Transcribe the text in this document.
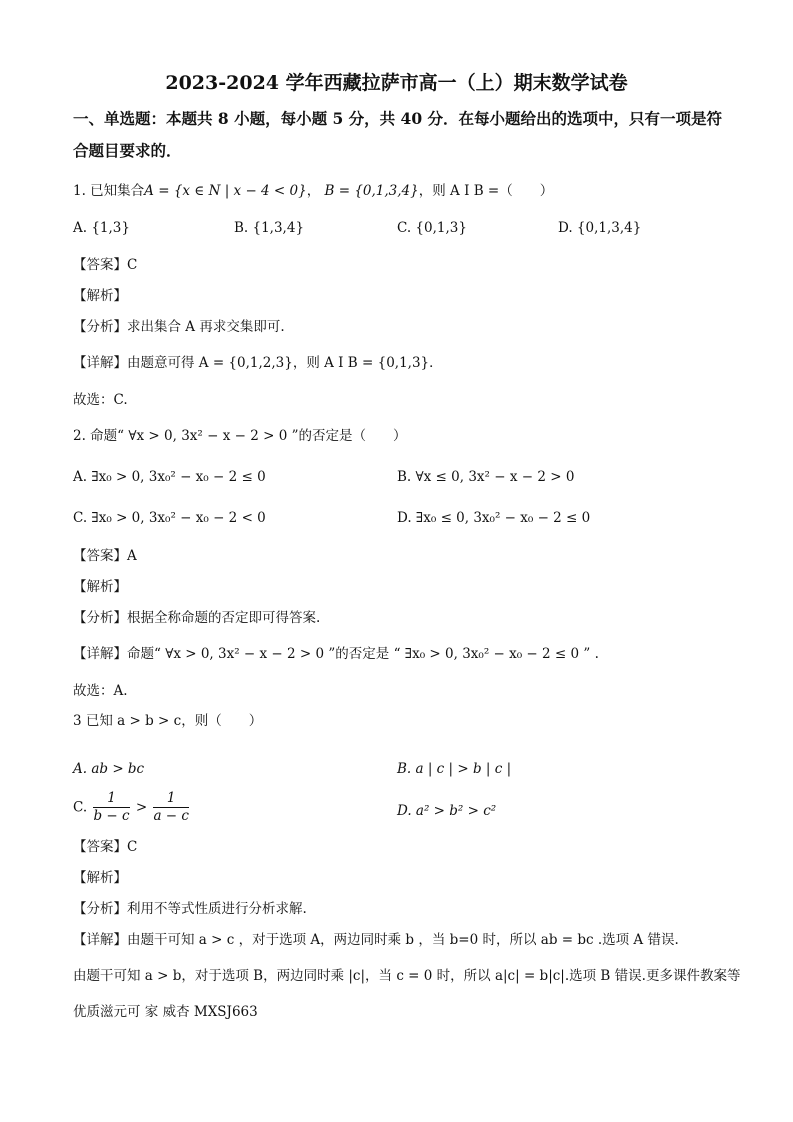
2023-2024 学年西藏拉萨市高一（上）期末数学试卷
一、单选题：本题共 8 小题，每小题 5 分，共 40 分．在每小题给出的选项中，只有一项是符
合题目要求的．
1. 已知集合A = {x ∈ N | x − 4 < 0}， B = {0,1,3,4}，则 A I B =（　　）
A. {1,3}	B. {1,3,4}	C. {0,1,3}	D. {0,1,3,4}
【答案】C
【解析】
【分析】求出集合 A 再求交集即可.
【详解】由题意可得 A = {0,1,2,3}，则 A I B = {0,1,3}．
故选：C.
2. 命题“ ∀x > 0, 3x² − x − 2 > 0 ”的否定是（　　）
A. ∃x₀ > 0, 3x₀² − x₀ − 2 ≤ 0	B. ∀x ≤ 0, 3x² − x − 2 > 0
C. ∃x₀ > 0, 3x₀² − x₀ − 2 < 0	D. ∃x₀ ≤ 0, 3x₀² − x₀ − 2 ≤ 0
【答案】A
【解析】
【分析】根据全称命题的否定即可得答案.
【详解】命题“ ∀x > 0, 3x² − x − 2 > 0 ”的否定是 “ ∃x₀ > 0, 3x₀² − x₀ − 2 ≤ 0 ” .
故选：A.
3 已知 a > b > c，则（　　）
A. ab > bc	B. a | c | > b | c |
C. $\frac{1}{b - c} > \frac{1}{a - c}$	D. a² > b² > c²
【答案】C
【解析】
【分析】利用不等式性质进行分析求解.
【详解】由题干可知 a > c ，对于选项 A，两边同时乘 b ，当 b=0 时，所以 ab = bc .选项 A 错误.
由题干可知 a > b，对于选项 B，两边同时乘 |c|，当 c = 0 时，所以 a|c| = b|c|.选项 B 错误.更多课件教案等
优质滋元可 家 威杏 MXSJ663
